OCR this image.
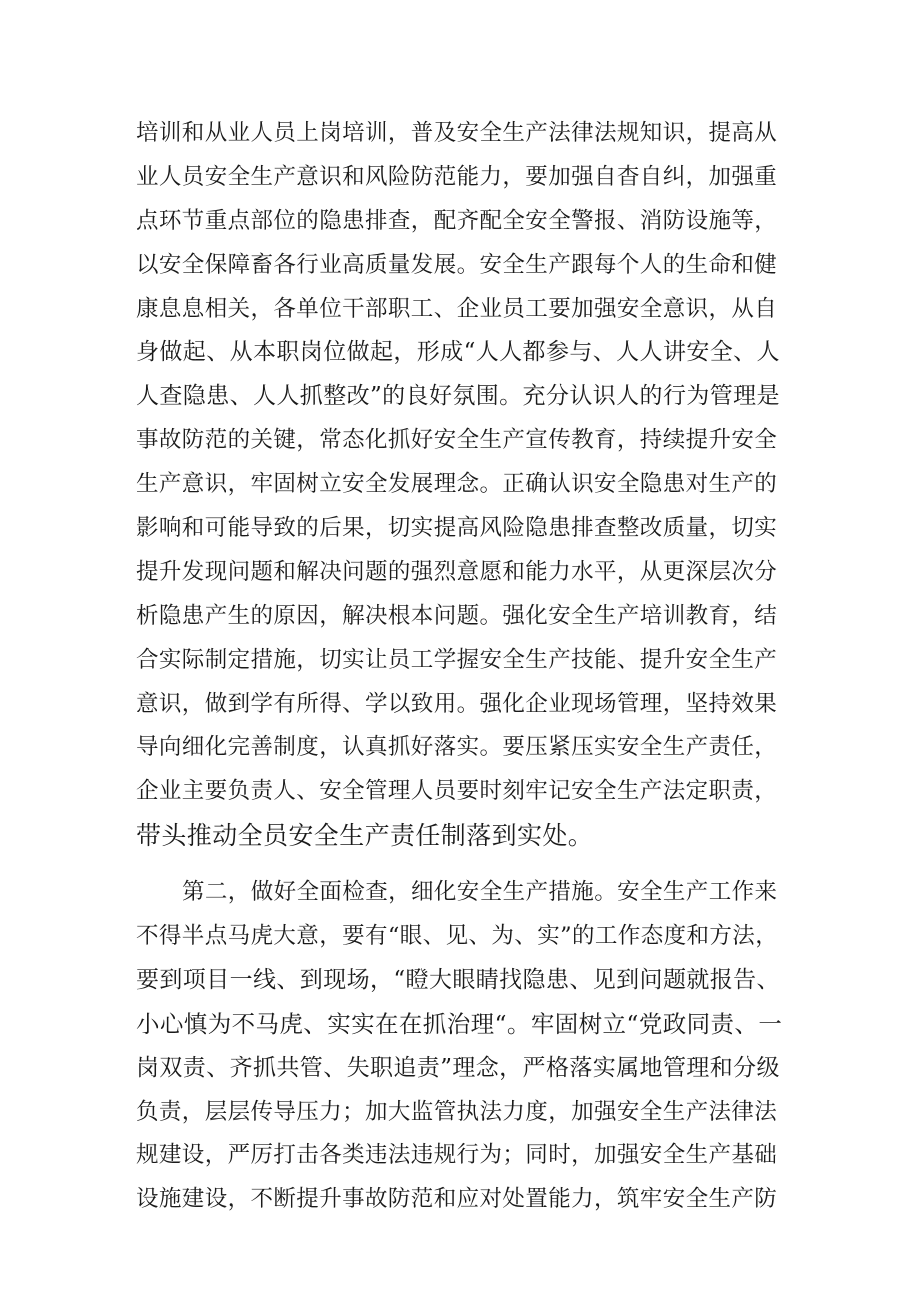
培训和从业人员上岗培训，普及安全生产法律法规知识，提高从
业人员安全生产意识和风险防范能力，要加强自杳自纠，加强重
点环节重点部位的隐患排查，配齐配全安全警报、消防设施等，
以安全保障畜各行业高质量发展。安全生产跟每个人的生命和健
康息息相关，各单位干部职工、企业员工要加强安全意识，从自
身做起、从本职岗位做起，形成“人人都参与、人人讲安全、人
人查隐患、人人抓整改”的良好氛围。充分认识人的行为管理是
事故防范的关键，常态化抓好安全生产宣传教育，持续提升安全
生产意识，牢固树立安全发展理念。正确认识安全隐患对生产的
影响和可能导致的后果，切实提高风险隐患排查整改质量，切实
提升发现问题和解决问题的强烈意愿和能力水平，从更深层次分
析隐患产生的原因，解决根本问题。强化安全生产培训教育，结
合实际制定措施，切实让员工学握安全生产技能、提升安全生产
意识，做到学有所得、学以致用。强化企业现场管理，坚持效果
导向细化完善制度，认真抓好落实。要压紧压实安全生产责任，
企业主要负责人、安全管理人员要时刻牢记安全生产法定职责，
带头推动全员安全生产责任制落到实处。
第二，做好全面检查，细化安全生产措施。安全生产工作来
不得半点马虎大意，要有“眼、见、为、实”的工作态度和方法，
要到项目一线、到现场，“瞪大眼睛找隐患、见到问题就报告、
小心慎为不马虎、实实在在抓治理“。牢固树立“党政同责、一
岗双责、齐抓共管、失职追责”理念，严格落实属地管理和分级
负责，层层传导压力；加大监管执法力度，加强安全生产法律法
规建设，严厉打击各类违法违规行为；同时，加强安全生产基础
设施建设，不断提升事故防范和应对处置能力，筑牢安全生产防
